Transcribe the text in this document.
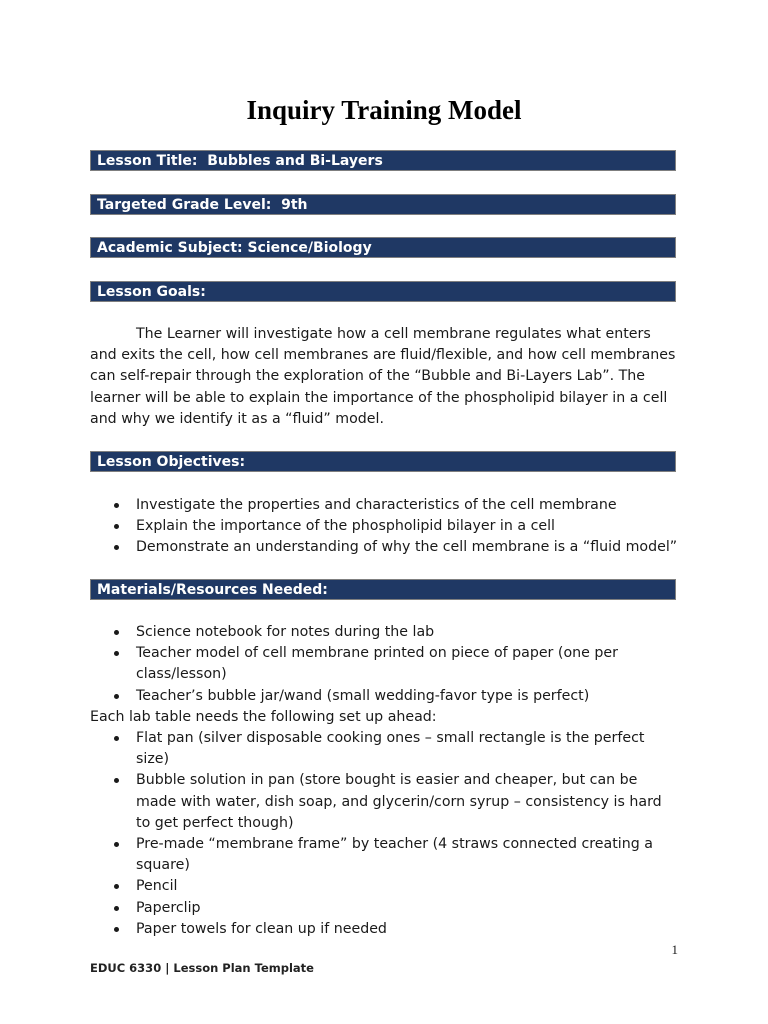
Inquiry Training Model
Lesson Title:  Bubbles and Bi-Layers
Targeted Grade Level:  9th
Academic Subject: Science/Biology
Lesson Goals:
The Learner will investigate how a cell membrane regulates what enters and exits the cell, how cell membranes are fluid/flexible, and how cell membranes can self-repair through the exploration of the “Bubble and Bi-Layers Lab”. The learner will be able to explain the importance of the phospholipid bilayer in a cell and why we identify it as a “fluid” model.
Lesson Objectives:
Investigate the properties and characteristics of the cell membrane
Explain the importance of the phospholipid bilayer in a cell
Demonstrate an understanding of why the cell membrane is a “fluid model”
Materials/Resources Needed:
Science notebook for notes during the lab
Teacher model of cell membrane printed on piece of paper (one per class/lesson)
Teacher’s bubble jar/wand (small wedding-favor type is perfect)
Each lab table needs the following set up ahead:
Flat pan (silver disposable cooking ones – small rectangle is the perfect size)
Bubble solution in pan (store bought is easier and cheaper, but can be made with water, dish soap, and glycerin/corn syrup – consistency is hard to get perfect though)
Pre-made “membrane frame” by teacher (4 straws connected creating a square)
Pencil
Paperclip
Paper towels for clean up if needed
1
EDUC 6330 | Lesson Plan Template
